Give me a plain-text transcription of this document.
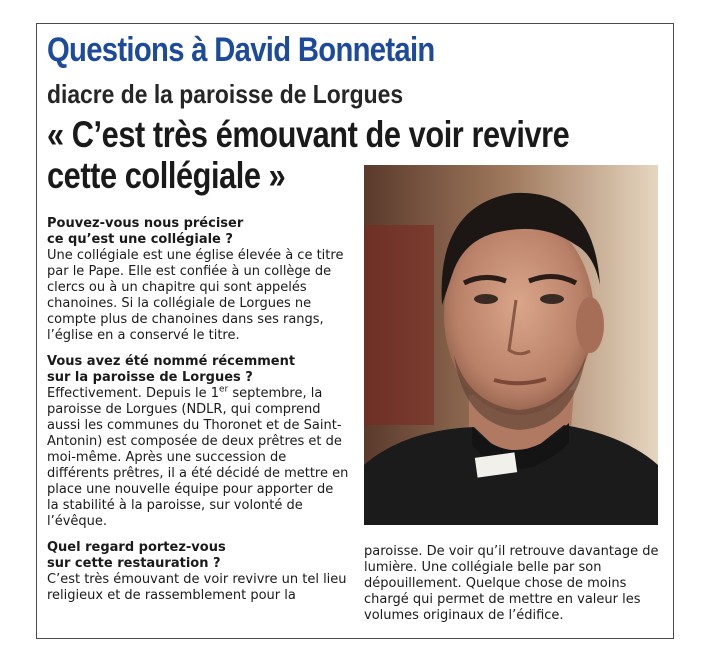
Questions à David Bonnetain
diacre de la paroisse de Lorgues
« C’est très émouvant de voir revivre
cette collégiale »
Pouvez-vous nous préciser
ce qu’est une collégiale ?
Une collégiale est une église élevée à ce titre
par le Pape. Elle est confiée à un collège de
clercs ou à un chapitre qui sont appelés
chanoines. Si la collégiale de Lorgues ne
compte plus de chanoines dans ses rangs,
l’église en a conservé le titre.
Vous avez été nommé récemment
sur la paroisse de Lorgues ?
Effectivement. Depuis le 1er septembre, la
paroisse de Lorgues (NDLR, qui comprend
aussi les communes du Thoronet et de Saint-
Antonin) est composée de deux prêtres et de
moi-même. Après une succession de
différents prêtres, il a été décidé de mettre en
place une nouvelle équipe pour apporter de
la stabilité à la paroisse, sur volonté de
l’évêque.
Quel regard portez-vous
sur cette restauration ?
C’est très émouvant de voir revivre un tel lieu
religieux et de rassemblement pour la
paroisse. De voir qu’il retrouve davantage de
lumière. Une collégiale belle par son
dépouillement. Quelque chose de moins
chargé qui permet de mettre en valeur les
volumes originaux de l’édifice.
